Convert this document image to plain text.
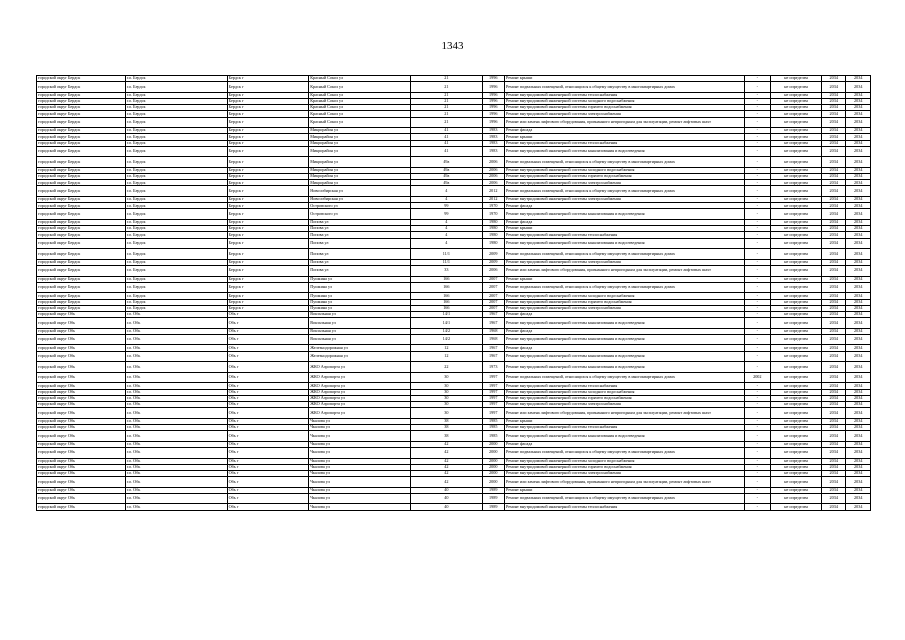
1343
городской округ Бердск	г.о. Бердск	Бердск г	Красный Сокол ул	21	1996	Ремонт крыши	-	не определен	2034	2034
городской округ Бердск	г.о. Бердск	Бердск г	Красный Сокол ул	21	1996	Ремонт подвальных помещений, относящихся к общему имуществу в многоквартирных домах	-	не определен	2034	2034
городской округ Бердск	г.о. Бердск	Бердск г	Красный Сокол ул	21	1996	Ремонт внутридомовой инженерной системы теплоснабжения	-	не определен	2034	2034
городской округ Бердск	г.о. Бердск	Бердск г	Красный Сокол ул	21	1996	Ремонт внутридомовой инженерной системы холодного водоснабжения	-	не определен	2034	2034
городской округ Бердск	г.о. Бердск	Бердск г	Красный Сокол ул	21	1996	Ремонт внутридомовой инженерной системы горячего водоснабжения	-	не определен	2034	2034
городской округ Бердск	г.о. Бердск	Бердск г	Красный Сокол ул	21	1996	Ремонт внутридомовой инженерной системы электроснабжения	-	не определен	2034	2034
городской округ Бердск	г.о. Бердск	Бердск г	Красный Сокол ул	21	1996	Ремонт или замена лифтового оборудования, признанного непригодным для эксплуатации, ремонт лифтовых шахт	-	не определен	2034	2034
городской округ Бердск	г.о. Бердск	Бердск г	Микрорайон ул	41	1983	Ремонт фасада	-	не определен	2034	2034
городской округ Бердск	г.о. Бердск	Бердск г	Микрорайон ул	41	1983	Ремонт крыши	-	не определен	2034	2034
городской округ Бердск	г.о. Бердск	Бердск г	Микрорайон ул	41	1983	Ремонт внутридомовой инженерной системы теплоснабжения	-	не определен	2034	2034
городской округ Бердск	г.о. Бердск	Бердск г	Микрорайон ул	41	1983	Ремонт внутридомовой инженерной системы канализования и водоотведения	-	не определен	2034	2034
городской округ Бердск	г.о. Бердск	Бердск г	Микрорайон ул	49а	2006	Ремонт подвальных помещений, относящихся к общему имуществу в многоквартирных домах	-	не определен	2034	2034
городской округ Бердск	г.о. Бердск	Бердск г	Микрорайон ул	49а	2006	Ремонт внутридомовой инженерной системы холодного водоснабжения	-	не определен	2034	2034
городской округ Бердск	г.о. Бердск	Бердск г	Микрорайон ул	49а	2006	Ремонт внутридомовой инженерной системы горячего водоснабжения	-	не определен	2034	2034
городской округ Бердск	г.о. Бердск	Бердск г	Микрорайон ул	49а	2006	Ремонт внутридомовой инженерной системы электроснабжения	-	не определен	2034	2034
городской округ Бердск	г.о. Бердск	Бердск г	Новосибирская ул	4	2012	Ремонт подвальных помещений, относящихся к общему имуществу в многоквартирных домах	-	не определен	2034	2034
городской округ Бердск	г.о. Бердск	Бердск г	Новосибирская ул	4	2012	Ремонт внутридомовой инженерной системы электроснабжения	-	не определен	2034	2034
городской округ Бердск	г.о. Бердск	Бердск г	Островского ул	99	1970	Ремонт фасада	-	не определен	2034	2034
городской округ Бердск	г.о. Бердск	Бердск г	Островского ул	99	1970	Ремонт внутридомовой инженерной системы канализования и водоотведения	-	не определен	2034	2034
городской округ Бердск	г.о. Бердск	Бердск г	Попова ул	4	1980	Ремонт фасада	-	не определен	2034	2034
городской округ Бердск	г.о. Бердск	Бердск г	Попова ул	4	1980	Ремонт крыши	-	не определен	2034	2034
городской округ Бердск	г.о. Бердск	Бердск г	Попова ул	4	1980	Ремонт внутридомовой инженерной системы теплоснабжения	-	не определен	2034	2034
городской округ Бердск	г.о. Бердск	Бердск г	Попова ул	4	1980	Ремонт внутридомовой инженерной системы канализования и водоотведения	-	не определен	2034	2034
городской округ Бердск	г.о. Бердск	Бердск г	Попова ул	11/1	2009	Ремонт подвальных помещений, относящихся к общему имуществу в многоквартирных домах	-	не определен	2034	2034
городской округ Бердск	г.о. Бердск	Бердск г	Попова ул	11/1	2009	Ремонт внутридомовой инженерной системы электроснабжения	-	не определен	2034	2034
городской округ Бердск	г.о. Бердск	Бердск г	Попова ул	33	2006	Ремонт или замена лифтового оборудования, признанного непригодным для эксплуатации, ремонт лифтовых шахт	-	не определен	2034	2034
городской округ Бердск	г.о. Бердск	Бердск г	Пушкина ул	166	2007	Ремонт крыши	-	не определен	2034	2034
городской округ Бердск	г.о. Бердск	Бердск г	Пушкина ул	166	2007	Ремонт подвальных помещений, относящихся к общему имуществу в многоквартирных домах	-	не определен	2034	2034
городской округ Бердск	г.о. Бердск	Бердск г	Пушкина ул	166	2007	Ремонт внутридомовой инженерной системы холодного водоснабжения	-	не определен	2034	2034
городской округ Бердск	г.о. Бердск	Бердск г	Пушкина ул	166	2007	Ремонт внутридомовой инженерной системы горячего водоснабжения	-	не определен	2034	2034
городской округ Бердск	г.о. Бердск	Бердск г	Пушкина ул	166	2007	Ремонт внутридомовой инженерной системы электроснабжения	-	не определен	2034	2034
городской округ Обь	г.о. Обь	Обь г	Вокзальная ул	14/1	1967	Ремонт фасада	-	не определен	2034	2034
городской округ Обь	г.о. Обь	Обь г	Вокзальная ул	14/1	1967	Ремонт внутридомовой инженерной системы канализования и водоотведения	-	не определен	2034	2034
городской округ Обь	г.о. Обь	Обь г	Вокзальная ул	14/2	1968	Ремонт фасада	-	не определен	2034	2034
городской округ Обь	г.о. Обь	Обь г	Вокзальная ул	14/2	1968	Ремонт внутридомовой инженерной системы канализования и водоотведения	-	не определен	2034	2034
городской округ Обь	г.о. Обь	Обь г	Железнодорожная ул	12	1967	Ремонт фасада	-	не определен	2034	2034
городской округ Обь	г.о. Обь	Обь г	Железнодорожная ул	12	1967	Ремонт внутридомовой инженерной системы канализования и водоотведения	-	не определен	2034	2034
городской округ Обь	г.о. Обь	Обь г	ЖКО Аэропорта ул	22	1973	Ремонт внутридомовой инженерной системы канализования и водоотведения	-	не определен	2034	2034
городской округ Обь	г.о. Обь	Обь г	ЖКО Аэропорта ул	30	1997	Ремонт подвальных помещений, относящихся к общему имуществу в многоквартирных домах	2002	не определен	2034	2034
городской округ Обь	г.о. Обь	Обь г	ЖКО Аэропорта ул	30	1997	Ремонт внутридомовой инженерной системы теплоснабжения	-	не определен	2034	2034
городской округ Обь	г.о. Обь	Обь г	ЖКО Аэропорта ул	30	1997	Ремонт внутридомовой инженерной системы холодного водоснабжения	-	не определен	2034	2034
городской округ Обь	г.о. Обь	Обь г	ЖКО Аэропорта ул	30	1997	Ремонт внутридомовой инженерной системы горячего водоснабжения	-	не определен	2034	2034
городской округ Обь	г.о. Обь	Обь г	ЖКО Аэропорта ул	30	1997	Ремонт внутридомовой инженерной системы электроснабжения	-	не определен	2034	2034
городской округ Обь	г.о. Обь	Обь г	ЖКО Аэропорта ул	30	1997	Ремонт или замена лифтового оборудования, признанного непригодным для эксплуатации, ремонт лифтовых шахт	-	не определен	2034	2034
городской округ Обь	г.о. Обь	Обь г	Чкалова ул	38	1985	Ремонт крыши	-	не определен	2034	2034
городской округ Обь	г.о. Обь	Обь г	Чкалова ул	38	1985	Ремонт внутридомовой инженерной системы теплоснабжения	-	не определен	2034	2034
городской округ Обь	г.о. Обь	Обь г	Чкалова ул	38	1985	Ремонт внутридомовой инженерной системы канализования и водоотведения	-	не определен	2034	2034
городской округ Обь	г.о. Обь	Обь г	Чкалова ул	42	2000	Ремонт фасада	-	не определен	2034	2034
городской округ Обь	г.о. Обь	Обь г	Чкалова ул	42	2000	Ремонт подвальных помещений, относящихся к общему имуществу в многоквартирных домах	-	не определен	2034	2034
городской округ Обь	г.о. Обь	Обь г	Чкалова ул	42	2000	Ремонт внутридомовой инженерной системы холодного водоснабжения	-	не определен	2034	2034
городской округ Обь	г.о. Обь	Обь г	Чкалова ул	42	2000	Ремонт внутридомовой инженерной системы горячего водоснабжения	-	не определен	2034	2034
городской округ Обь	г.о. Обь	Обь г	Чкалова ул	42	2000	Ремонт внутридомовой инженерной системы электроснабжения	-	не определен	2034	2034
городской округ Обь	г.о. Обь	Обь г	Чкалова ул	42	2000	Ремонт или замена лифтового оборудования, признанного непригодным для эксплуатации, ремонт лифтовых шахт	-	не определен	2034	2034
городской округ Обь	г.о. Обь	Обь г	Чкалова ул	40	1989	Ремонт крыши	-	не определен	2034	2034
городской округ Обь	г.о. Обь	Обь г	Чкалова ул	40	1989	Ремонт подвальных помещений, относящихся к общему имуществу в многоквартирных домах	-	не определен	2034	2034
городской округ Обь	г.о. Обь	Обь г	Чкалова ул	40	1989	Ремонт внутридомовой инженерной системы теплоснабжения	-	не определен	2034	2034
